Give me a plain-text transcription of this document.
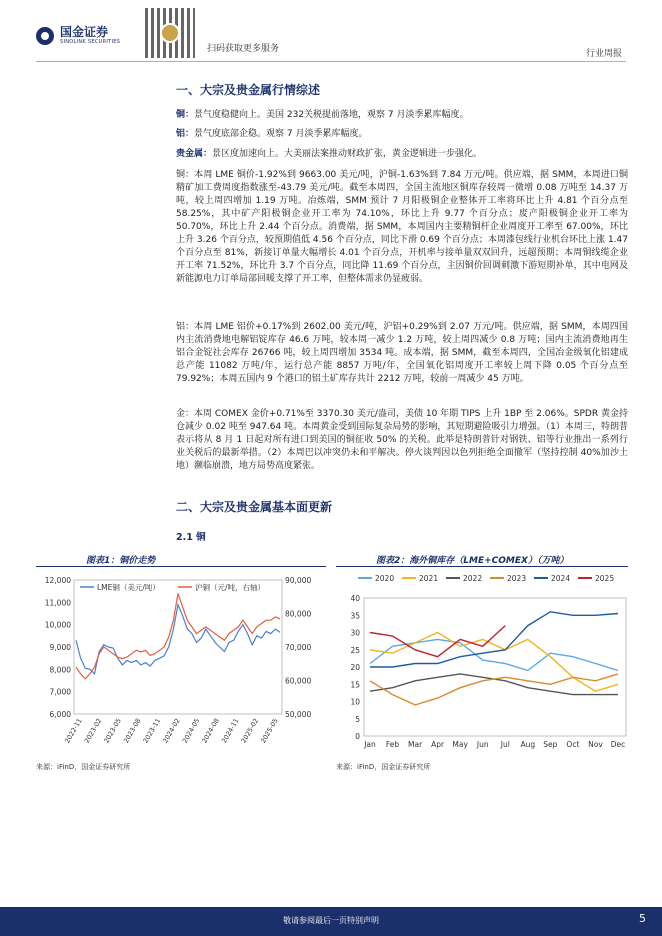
国金证券
SINOLINK SECURITIES
扫码获取更多服务	行业周报
一、大宗及贵金属行情综述

铜：景气度稳健向上。美国 232关税提前落地，观察 7 月淡季累库幅度。

铝：景气度底部企稳。观察 7 月淡季累库幅度。

贵金属：景区度加速向上。大美丽法案推动财政扩张，黄金逻辑进一步强化。

铜：本周 LME 铜价-1.92%到 9663.00 美元/吨，沪铜-1.63%到 7.84 万元/吨。供应端，据 SMM，本周进口铜精矿加工费周度指数涨至-43.79 美元/吨。截至本周四，全国主流地区铜库存较周一微增 0.08 万吨至 14.37 万吨，较上周四增加 1.19 万吨。冶炼端，SMM 预计 7 月阳极铜企业整体开工率将环比上升 4.81 个百分点至 58.25%，其中矿产阳极铜企业开工率为 74.10%，环比上升 9.77 个百分点；废产阳极铜企业开工率为 50.70%，环比上升 2.44 个百分点。消费端，据 SMM，本周国内主要精铜杆企业周度开工率至 67.00%，环比上升 3.26 个百分点，较预期值低 4.56 个百分点，同比下滑 0.69 个百分点；本周漆包线行业机台环比上涨 1.47 个百分点至 81%，新接订单量大幅增长 4.01 个百分点，开机率与接单量双双回升，远超预期；本周铜线缆企业开工率 71.52%，环比升 3.7 个百分点，同比降 11.69 个百分点，主因铜价回调刺激下游短期补单，其中电网及新能源电力订单局部回暖支撑了开工率，但整体需求仍显疲弱。

铝：本周 LME 铝价+0.17%到 2602.00 美元/吨，沪铝+0.29%到 2.07 万元/吨。供应端，据 SMM，本周四国内主流消费地电解铝锭库存 46.6 万吨，较本周一减少 1.2 万吨，较上周四减少 0.8 万吨；国内主流消费地再生铝合金锭社会库存 26766 吨，较上周四增加 3534 吨。成本端，据 SMM，截至本周四，全国冶金级氧化铝建成总产能 11082 万吨/年，运行总产能 8857 万吨/年，全国氧化铝周度开工率较上周下降 0.05 个百分点至 79.92%；本周五国内 9 个港口的铝土矿库存共计 2212 万吨，较前一周减少 45 万吨。

金：本周 COMEX 金价+0.71%至 3370.30 美元/盎司，美债 10 年期 TIPS 上升 1BP 至 2.06%。SPDR 黄金持仓减少 0.02 吨至 947.64 吨。本周黄金受到国际复杂局势的影响，其短期避险吸引力增强。（1）本周三，特朗普表示将从 8 月 1 日起对所有进口到美国的铜征收 50% 的关税。此举是特朗普针对钢铁、铝等行业推出一系列行业关税后的最新举措。（2）本周巴以冲突仍未和平解决。停火谈判因以色列拒绝全面撤军（坚持控制 40%加沙土地）濒临崩溃，地方局势高度紧张。

二、大宗及贵金属基本面更新
2.1 铜
图表1：铜价走势
12,000
11,000
10,000
9,000
8,000
7,000
6,000
90,000
80,000
70,000
60,000
50,000
2022-11 2023-02 2023-05 2023-08 2023-11 2024-02 2024-05 2024-08 2024-11 2025-02 2025-05
LME铜（美元/吨）	沪铜（元/吨，右轴）
来源：iFinD，国金证券研究所
图表2：海外铜库存（LME+COMEX）（万吨）
40
35
30
25
20
15
10
5
0
Jan Feb Mar Apr May Jun Jul Aug Sep Oct Nov Dec
2020	2021	2022	2023	2024	2025
来源：iFinD，国金证券研究所
敬请参阅最后一页特别声明	5
